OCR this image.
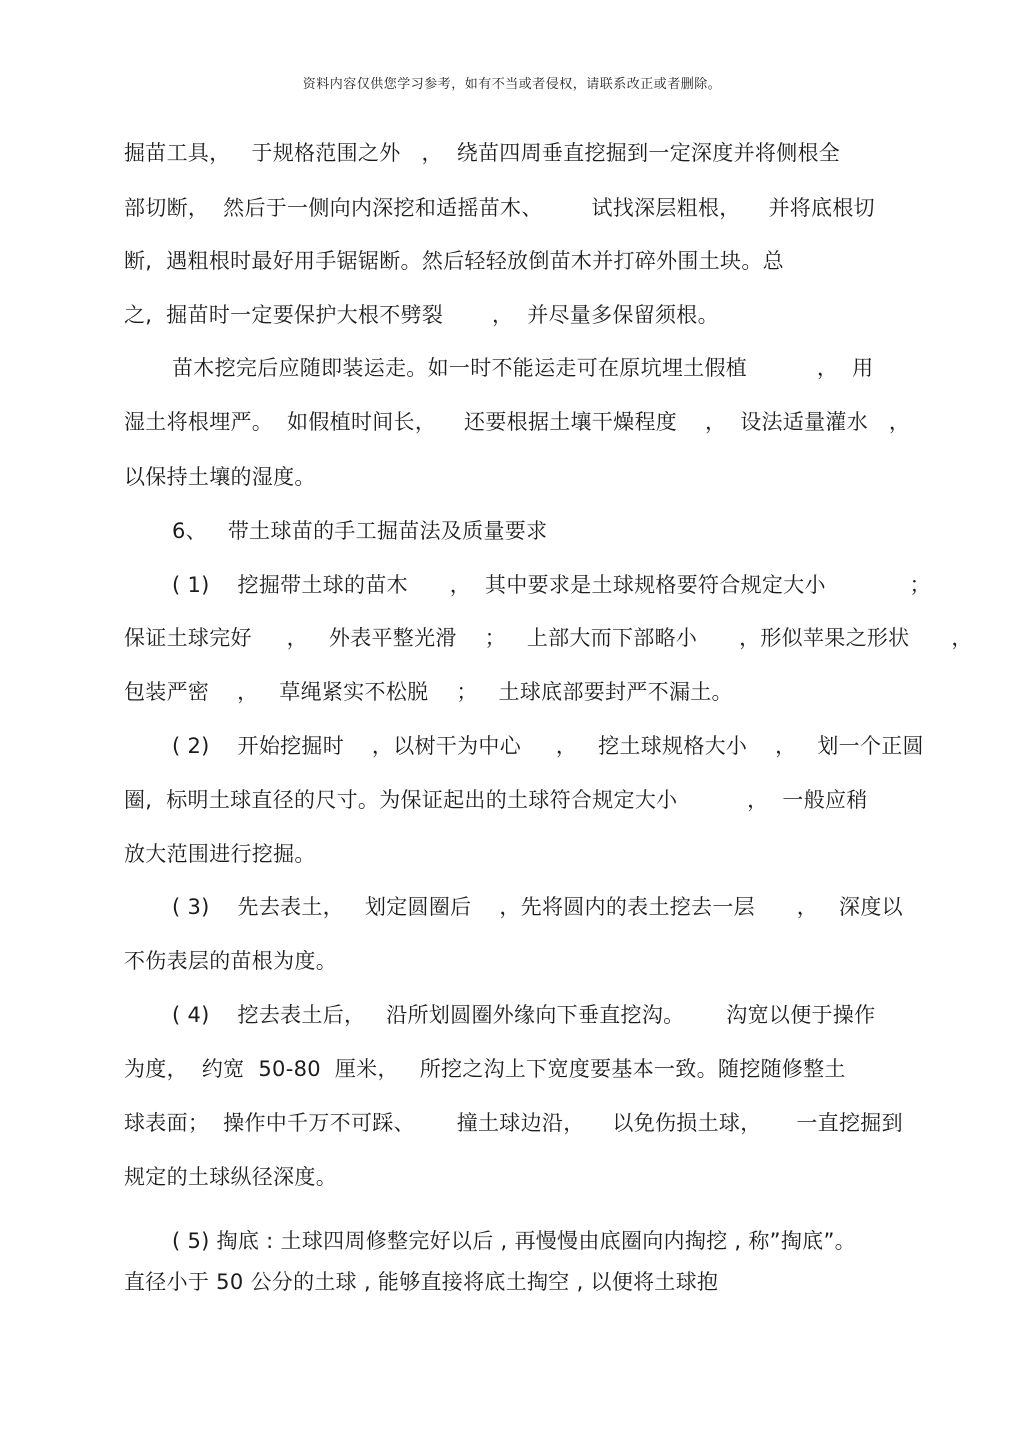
资料内容仅供您学习参考，如有不当或者侵权，请联系改正或者删除。
掘苗工具，   于规格范围之外   ，  绕苗四周垂直挖掘到一定深度并将侧根全
部切断，  然后于一侧向内深挖和适摇苗木、       试找深层粗根，    并将底根切
断,  遇粗根时最好用手锯锯断。然后轻轻放倒苗木并打碎外围土块。总
之,  掘苗时一定要保护大根不劈裂       ，  并尽量多保留须根。
苗木挖完后应随即装运走。如一时不能运走可在原坑埋土假植          ，  用
湿土将根埋严。  如假植时间长，    还要根据土壤干燥程度    ，  设法适量灌水   ，
以保持土壤的湿度。
6、   带土球苗的手工掘苗法及质量要求
( 1)    挖掘带土球的苗木      ，  其中要求是土球规格要符合规定大小            ；
保证土球完好     ，   外表平整光滑    ；   上部大而下部略小      ，形似苹果之形状      ，
包装严密    ，   草绳紧实不松脱    ；   土球底部要封严不漏土。
( 2)    开始挖掘时    ，以树干为中心     ，   挖土球规格大小    ，   划一个正圆
圈,  标明土球直径的尺寸。为保证起出的土球符合规定大小          ，  一般应稍
放大范围进行挖掘。
( 3)    先去表土，   划定圆圈后    ，先将圆内的表土挖去一层      ，   深度以
不伤表层的苗根为度。
( 4)    挖去表土后，   沿所划圆圈外缘向下垂直挖沟。      沟宽以便于操作
为度，  约宽  50-80  厘米，   所挖之沟上下宽度要基本一致。随挖随修整土
球表面；  操作中千万不可踩、      撞土球边沿，    以免伤损土球，     一直挖掘到
规定的土球纵径深度。
( 5) 掏底 : 土球四周修整完好以后 , 再慢慢由底圈向内掏挖 , 称”掏底”。
直径小于 50 公分的土球 , 能够直接将底土掏空 , 以便将土球抱
